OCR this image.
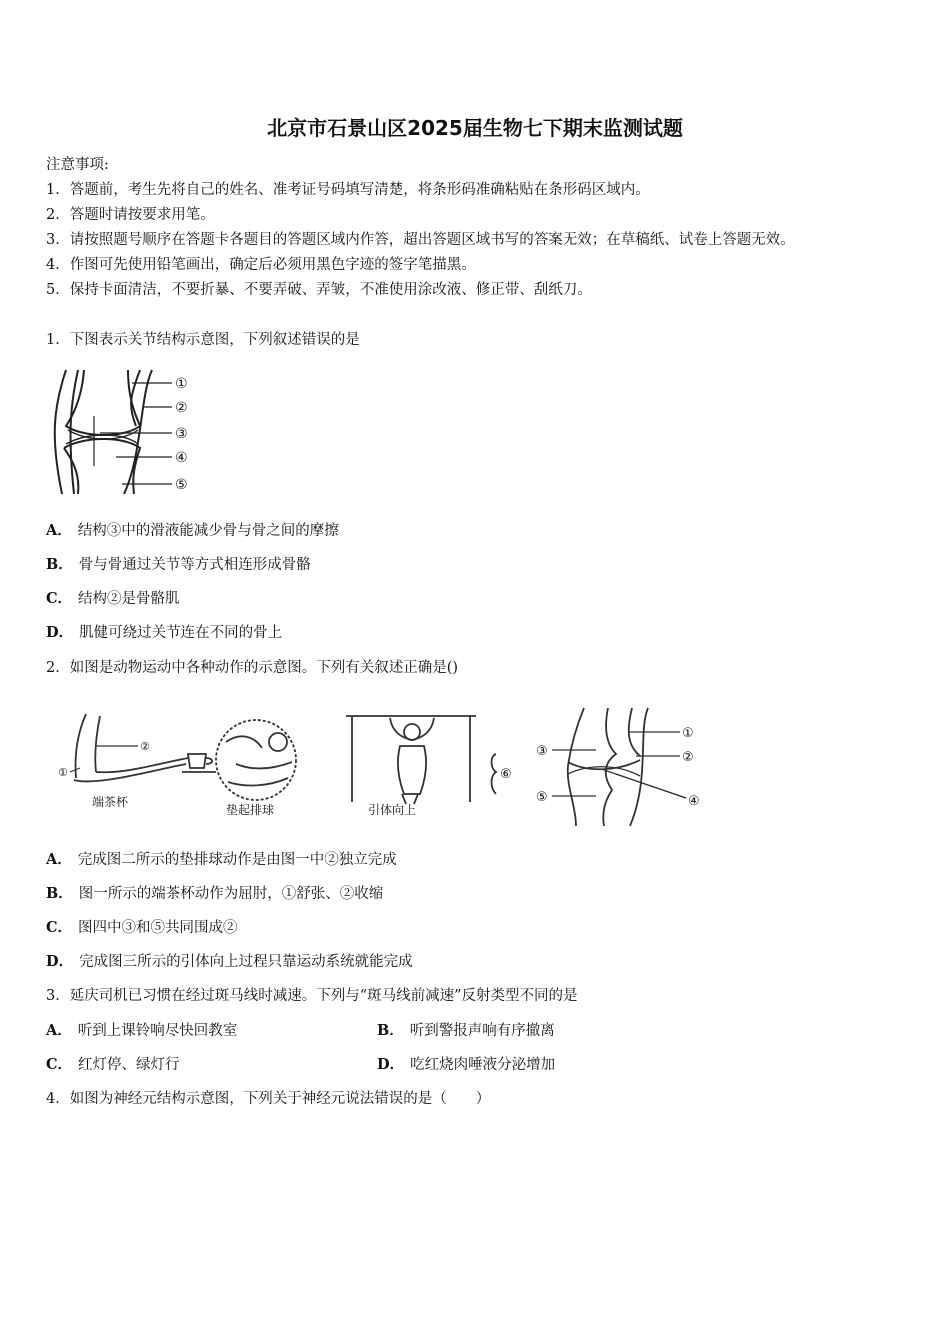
北京市石景山区2025届生物七下期末监测试题
注意事项:
1．答题前，考生先将自己的姓名、准考证号码填写清楚，将条形码准确粘贴在条形码区域内。
2．答题时请按要求用笔。
3．请按照题号顺序在答题卡各题目的答题区域内作答，超出答题区域书写的答案无效；在草稿纸、试卷上答题无效。
4．作图可先使用铅笔画出，确定后必须用黑色字迹的签字笔描黑。
5．保持卡面清洁，不要折暴、不要弄破、弄皱，不准使用涂改液、修正带、刮纸刀。
1．下图表示关节结构示意图，下列叙述错误的是
①
②
③
④
⑤
A． 结构③中的滑液能减少骨与骨之间的摩擦
B． 骨与骨通过关节等方式相连形成骨骼
C． 结构②是骨骼肌
D． 肌健可绕过关节连在不同的骨上
2．如图是动物运动中各种动作的示意图。下列有关叙述正确是()
②
①
端茶杯
垫起排球	引体向上
①
②
③
④
⑤
⑥
A． 完成图二所示的垫排球动作是由图一中②独立完成
B． 图一所示的端茶杯动作为屈肘，①舒张、②收缩
C． 图四中③和⑤共同围成②
D． 完成图三所示的引体向上过程只靠运动系统就能完成
3．延庆司机已习惯在经过斑马线时减速。下列与“斑马线前减速”反射类型不同的是
A． 听到上课铃响尽快回教室	B． 听到警报声响有序撤离
C． 红灯停、绿灯行	D． 吃红烧肉唾液分泌增加
4．如图为神经元结构示意图，下列关于神经元说法错误的是（　　）
